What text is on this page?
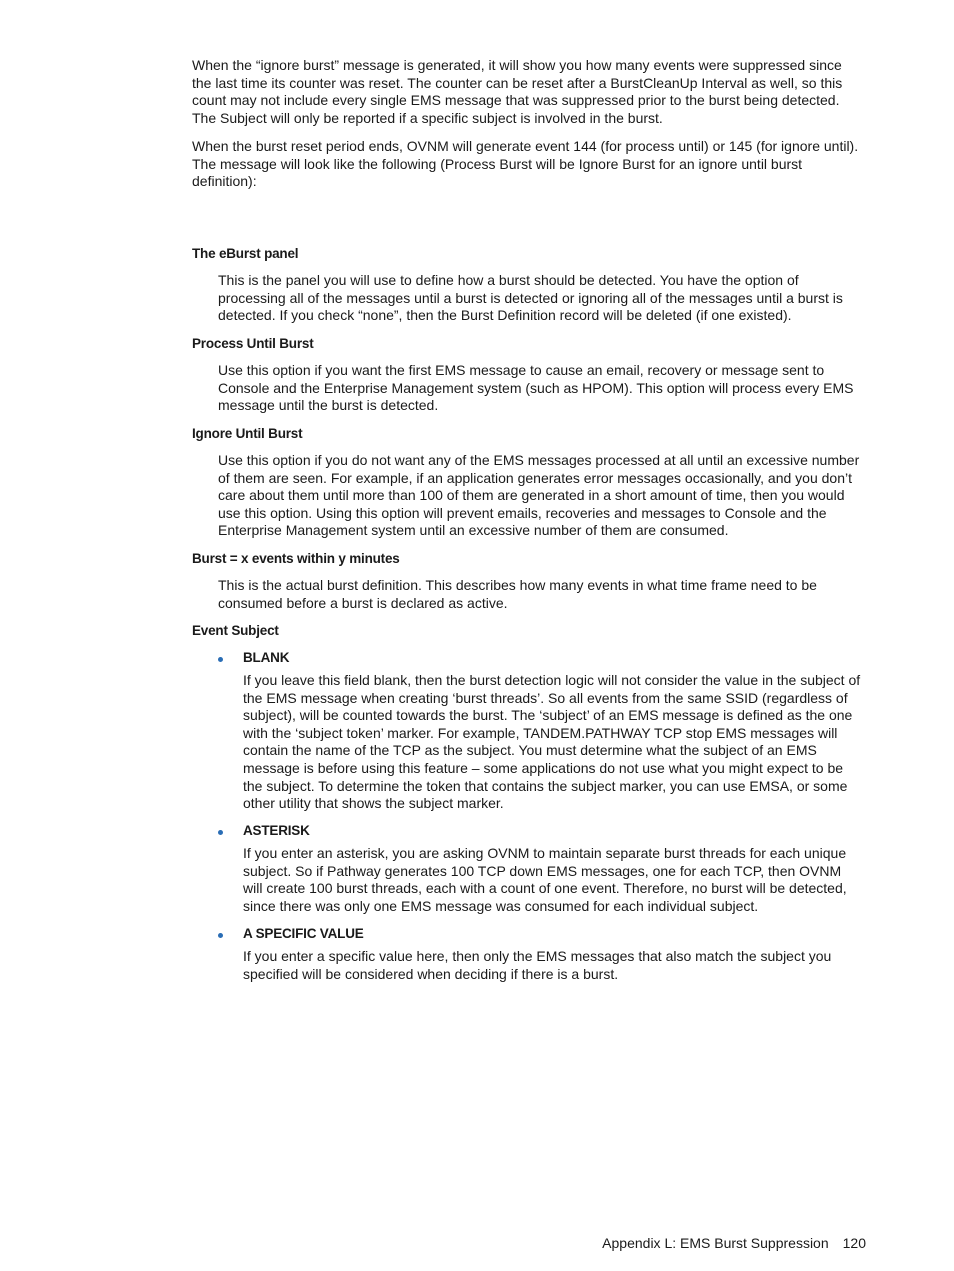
When the “ignore burst” message is generated, it will show you how many events were suppressed since the last time its counter was reset. The counter can be reset after a BurstCleanUp Interval as well, so this count may not include every single EMS message that was suppressed prior to the burst being detected. The Subject will only be reported if a specific subject is involved in the burst.

When the burst reset period ends, OVNM will generate event 144 (for process until) or 145 (for ignore until). The message will look like the following (Process Burst will be Ignore Burst for an ignore until burst definition):

The eBurst panel

This is the panel you will use to define how a burst should be detected. You have the option of processing all of the messages until a burst is detected or ignoring all of the messages until a burst is detected. If you check “none”, then the Burst Definition record will be deleted (if one existed).

Process Until Burst

Use this option if you want the first EMS message to cause an email, recovery or message sent to Console and the Enterprise Management system (such as HPOM). This option will process every EMS message until the burst is detected.

Ignore Until Burst

Use this option if you do not want any of the EMS messages processed at all until an excessive number of them are seen. For example, if an application generates error messages occasionally, and you don’t care about them until more than 100 of them are generated in a short amount of time, then you would use this option. Using this option will prevent emails, recoveries and messages to Console and the Enterprise Management system until an excessive number of them are consumed.

Burst = x events within y minutes

This is the actual burst definition. This describes how many events in what time frame need to be consumed before a burst is declared as active.

Event Subject
BLANK

If you leave this field blank, then the burst detection logic will not consider the value in the subject of the EMS message when creating ‘burst threads’. So all events from the same SSID (regardless of subject), will be counted towards the burst. The ‘subject’ of an EMS message is defined as the one with the ‘subject token’ marker. For example, TANDEM.PATHWAY TCP stop EMS messages will contain the name of the TCP as the subject. You must determine what the subject of an EMS message is before using this feature – some applications do not use what you might expect to be the subject. To determine the token that contains the subject marker, you can use EMSA, or some other utility that shows the subject marker.

ASTERISK

If you enter an asterisk, you are asking OVNM to maintain separate burst threads for each unique subject. So if Pathway generates 100 TCP down EMS messages, one for each TCP, then OVNM will create 100 burst threads, each with a count of one event. Therefore, no burst will be detected, since there was only one EMS message was consumed for each individual subject.

A SPECIFIC VALUE

If you enter a specific value here, then only the EMS messages that also match the subject you specified will be considered when deciding if there is a burst.

Appendix L: EMS Burst Suppression 120
